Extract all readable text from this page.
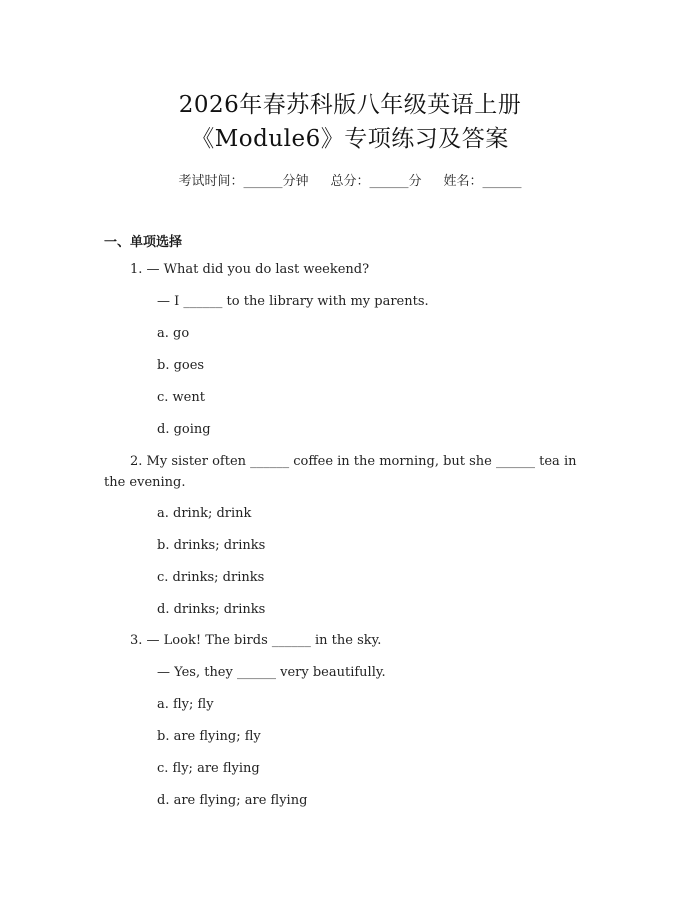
2026年春苏科版八年级英语上册
《Module6》专项练习及答案
考试时间：______分钟 总分：______分 姓名：______
一、单项选择
1. — What did you do last weekend?
— I ______ to the library with my parents.
a. go
b. goes
c. went
d. going
2. My sister often ______ coffee in the morning, but she ______ tea in the evening.
a. drink; drink
b. drinks; drinks
c. drinks; drinks
d. drinks; drinks
3. — Look! The birds ______ in the sky.
— Yes, they ______ very beautifully.
a. fly; fly
b. are flying; fly
c. fly; are flying
d. are flying; are flying
